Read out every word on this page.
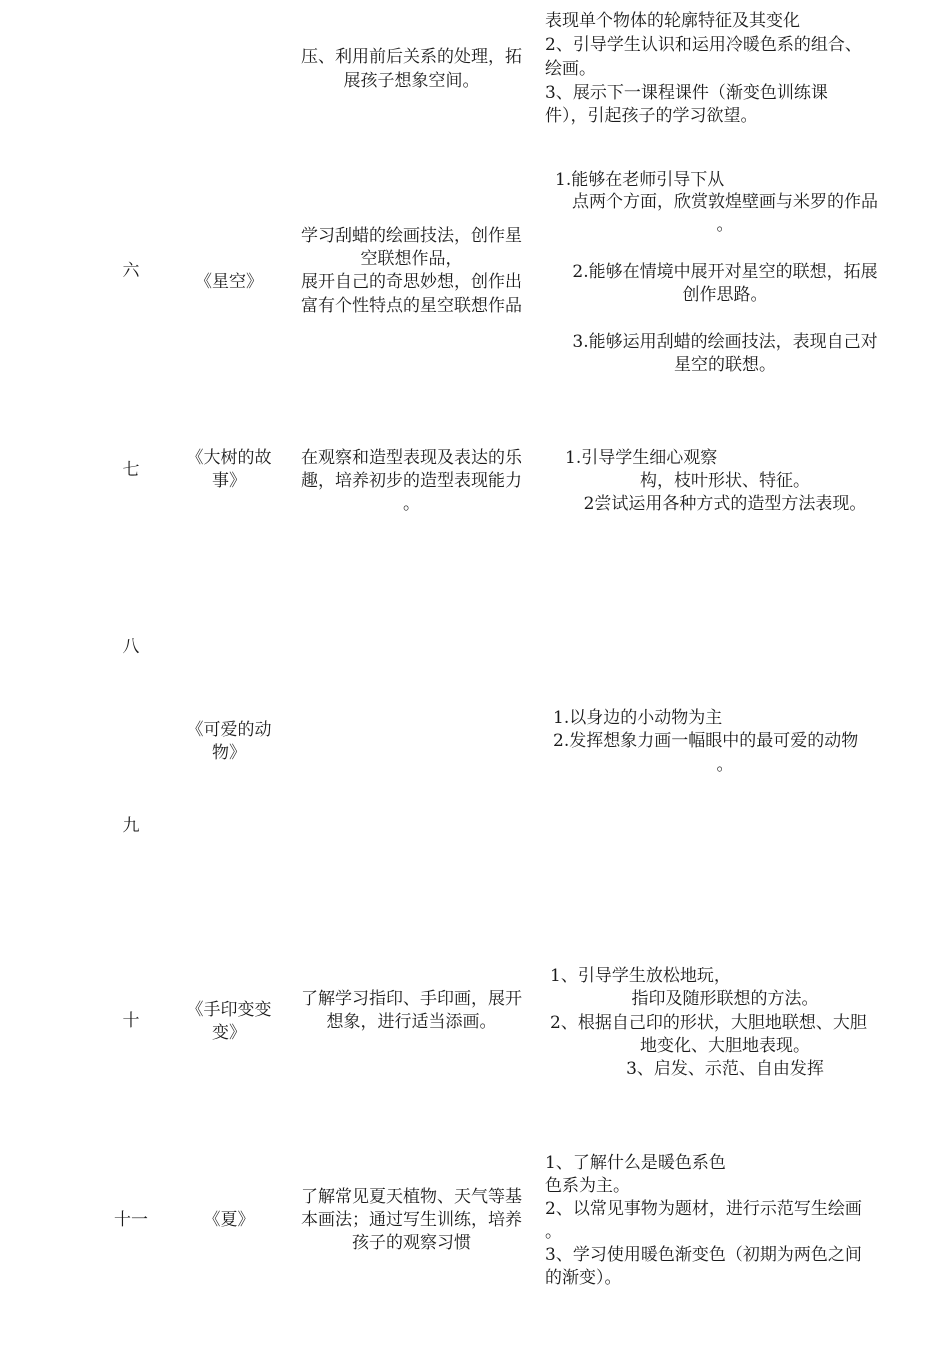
压、利用前后关系的处理，拓
展孩子想象空间。
表现单个物体的轮廓特征及其变化
2、引导学生认识和运用冷暖色系的组合、
绘画。
3、展示下一课程课件（渐变色训练课
件），引起孩子的学习欲望。
六
《星空》
学习刮蜡的绘画技法，创作星
空联想作品，
展开自己的奇思妙想，创作出
富有个性特点的星空联想作品
1.能够在老师引导下从
点两个方面，欣赏敦煌壁画与米罗的作品
。
2.能够在情境中展开对星空的联想，拓展
创作思路。
3.能够运用刮蜡的绘画技法，表现自己对
星空的联想。
七
《大树的故
事》
在观察和造型表现及表达的乐
趣，培养初步的造型表现能力
。
1.引导学生细心观察
构，枝叶形状、特征。
2尝试运用各种方式的造型方法表现。
八
《可爱的动
物》
1.以身边的小动物为主
2.发挥想象力画一幅眼中的最可爱的动物
。
九
十
《手印变变
变》
了解学习指印、手印画，展开
想象，进行适当添画。
1、引导学生放松地玩，
指印及随形联想的方法。
2、根据自己印的形状，大胆地联想、大胆
地变化、大胆地表现。
3、启发、示范、自由发挥
十一	《夏》
了解常见夏天植物、天气等基
本画法；通过写生训练，培养
孩子的观察习惯
1、了解什么是暖色系色
色系为主。
2、以常见事物为题材，进行示范写生绘画
。
3、学习使用暖色渐变色（初期为两色之间
的渐变）。
